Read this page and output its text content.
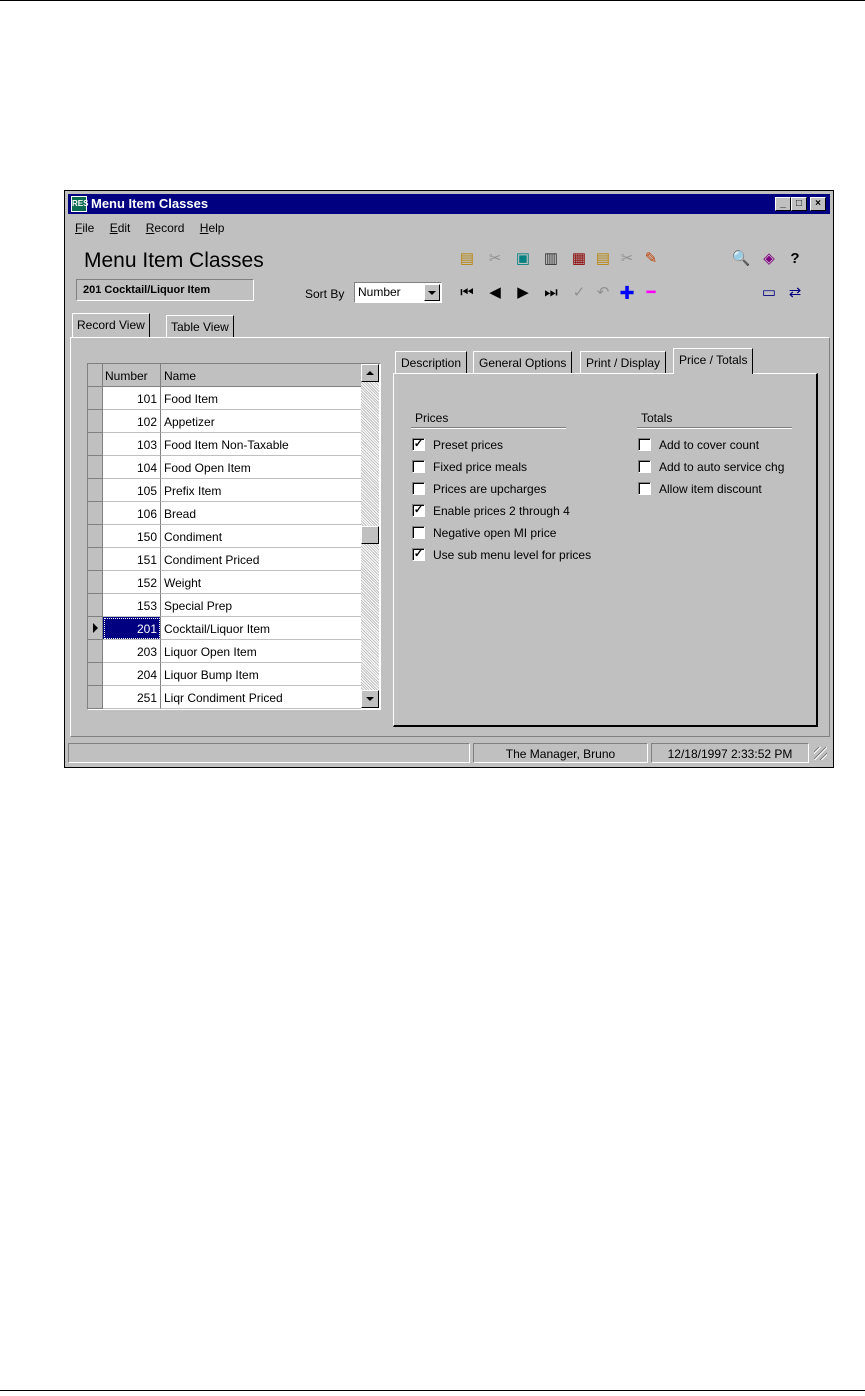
RES Menu Item Classes	_	□	×
File Edit Record Help
Menu Item Classes	▤ ✂ ▣ ▥ ▦ ▤ ✂ ✎	🔍 ◈	?
201 Cocktail/Liquor Item	Sort By	Number	⏮ ◀ ▶ ⏭ ✓ ↶ ✚ ━	▭ ⇄
Record View	Table View
Number	Name
101 Food Item
102 Appetizer
103 Food Item Non-Taxable
104 Food Open Item
105 Prefix Item
106 Bread
150 Condiment
151 Condiment Priced
152 Weight
153 Special Prep
201 Cocktail/Liquor Item
203 Liquor Open Item
204 Liquor Bump Item
251 Liqr Condiment Priced
Description	General Options	Print / Display	Price / Totals
Prices
✓ Preset prices
Fixed price meals
Prices are upcharges
✓ Enable prices 2 through 4
Negative open MI price
✓ Use sub menu level for prices
Totals
Add to cover count
Add to auto service chg
Allow item discount
The Manager, Bruno	12/18/1997 2:33:52 PM
